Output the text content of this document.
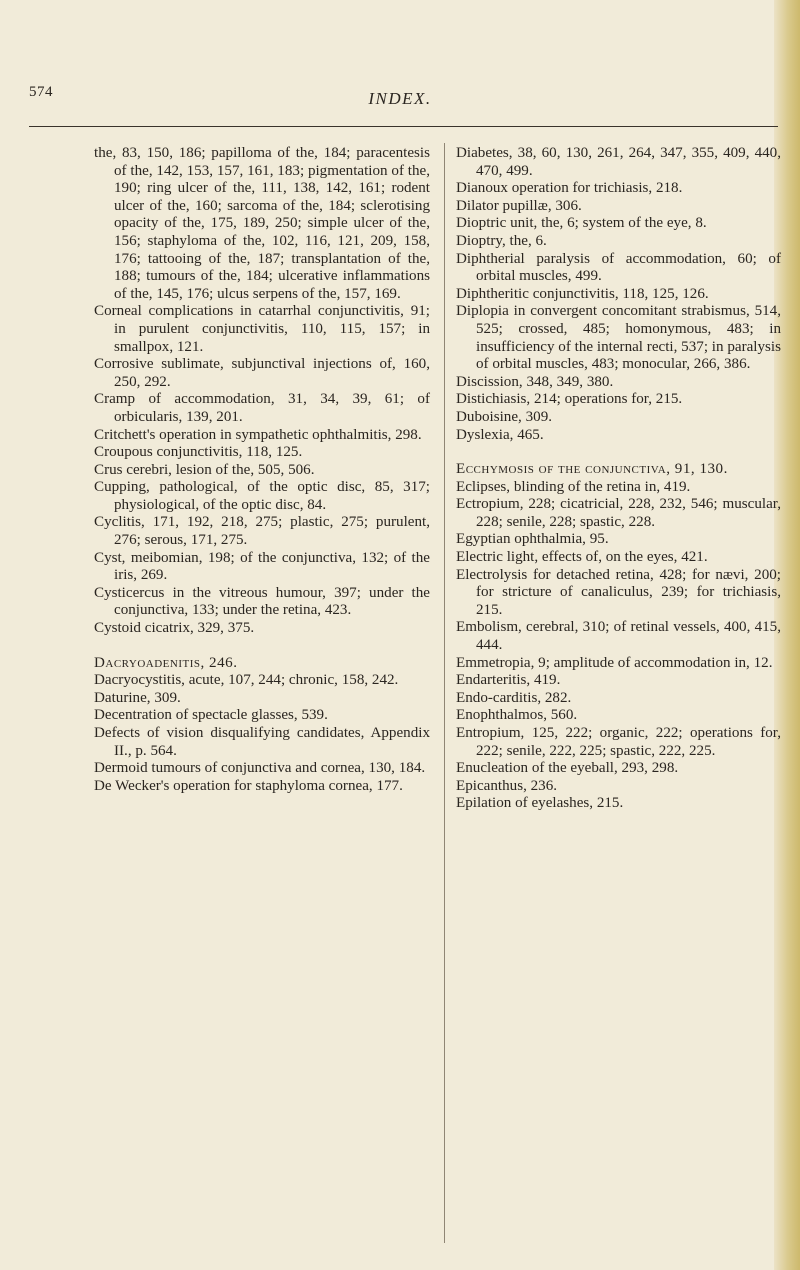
574	INDEX.

the, 83, 150, 186; papilloma of the, 184; paracentesis of the, 142, 153, 157, 161, 183; pigmentation of the, 190; ring ulcer of the, 111, 138, 142, 161; rodent ulcer of the, 160; sarcoma of the, 184; sclerotising opacity of the, 175, 189, 250; simple ulcer of the, 156; staphyloma of the, 102, 116, 121, 209, 158, 176; tattooing of the, 187; transplantation of the, 188; tumours of the, 184; ulcerative inflammations of the, 145, 176; ulcus serpens of the, 157, 169.

Corneal complications in catarrhal conjunctivitis, 91; in purulent conjunctivitis, 110, 115, 157; in smallpox, 121.

Corrosive sublimate, subjunctival injections of, 160, 250, 292.

Cramp of accommodation, 31, 34, 39, 61; of orbicularis, 139, 201.

Critchett's operation in sympathetic ophthalmitis, 298.

Croupous conjunctivitis, 118, 125.

Crus cerebri, lesion of the, 505, 506.

Cupping, pathological, of the optic disc, 85, 317; physiological, of the optic disc, 84.

Cyclitis, 171, 192, 218, 275; plastic, 275; purulent, 276; serous, 171, 275.

Cyst, meibomian, 198; of the conjunctiva, 132; of the iris, 269.

Cysticercus in the vitreous humour, 397; under the conjunctiva, 133; under the retina, 423.

Cystoid cicatrix, 329, 375.

Dacryoadenitis, 246.

Dacryocystitis, acute, 107, 244; chronic, 158, 242.

Daturine, 309.

Decentration of spectacle glasses, 539.

Defects of vision disqualifying candidates, Appendix II., p. 564.

Dermoid tumours of conjunctiva and cornea, 130, 184.

De Wecker's operation for staphyloma cornea, 177.

Diabetes, 38, 60, 130, 261, 264, 347, 355, 409, 440, 470, 499.

Dianoux operation for trichiasis, 218.

Dilator pupillæ, 306.

Dioptric unit, the, 6; system of the eye, 8.

Dioptry, the, 6.

Diphtherial paralysis of accommodation, 60; of orbital muscles, 499.

Diphtheritic conjunctivitis, 118, 125, 126.

Diplopia in convergent concomitant strabismus, 514, 525; crossed, 485; homonymous, 483; in insufficiency of the internal recti, 537; in paralysis of orbital muscles, 483; monocular, 266, 386.

Discission, 348, 349, 380.

Distichiasis, 214; operations for, 215.

Duboisine, 309.

Dyslexia, 465.

Ecchymosis of the conjunctiva, 91, 130.

Eclipses, blinding of the retina in, 419.

Ectropium, 228; cicatricial, 228, 232, 546; muscular, 228; senile, 228; spastic, 228.

Egyptian ophthalmia, 95.

Electric light, effects of, on the eyes, 421.

Electrolysis for detached retina, 428; for nævi, 200; for stricture of canaliculus, 239; for trichiasis, 215.

Embolism, cerebral, 310; of retinal vessels, 400, 415, 444.

Emmetropia, 9; amplitude of accommodation in, 12.

Endarteritis, 419.

Endo-carditis, 282.

Enophthalmos, 560.

Entropium, 125, 222; organic, 222; operations for, 222; senile, 222, 225; spastic, 222, 225.

Enucleation of the eyeball, 293, 298.

Epicanthus, 236.

Epilation of eyelashes, 215.
